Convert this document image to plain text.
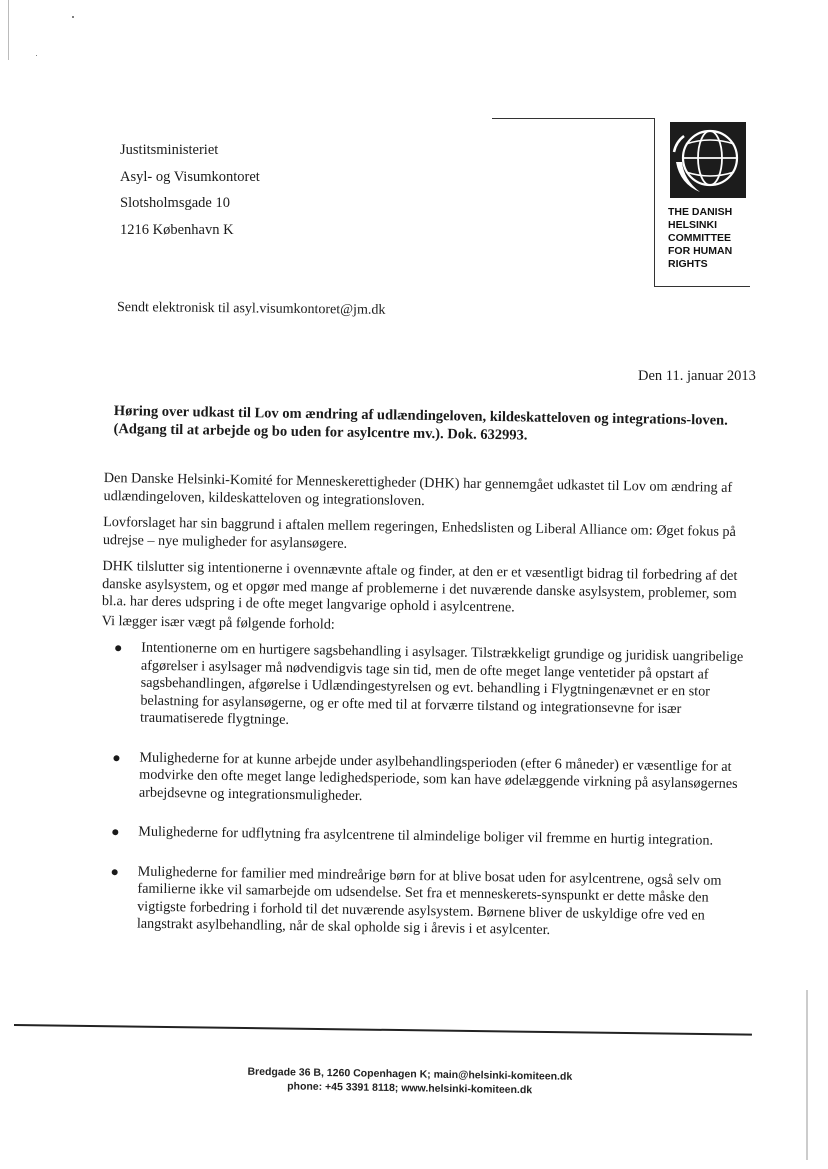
Justitsministeriet
Asyl- og Visumkontoret
Slotsholmsgade 10
1216 København K
THE DANISH
HELSINKI
COMMITTEE
FOR HUMAN
RIGHTS
Sendt elektronisk til asyl.visumkontoret@jm.dk
Den 11. januar 2013
Høring over udkast til Lov om ændring af udlændingeloven, kildeskatteloven og integrations-loven. (Adgang til at arbejde og bo uden for asylcentre mv.). Dok. 632993.

Den Danske Helsinki-Komité for Menneskerettigheder (DHK) har gennemgået udkastet til Lov om ændring af udlændingeloven, kildeskatteloven og integrationsloven.

Lovforslaget har sin baggrund i aftalen mellem regeringen, Enhedslisten og Liberal Alliance om: Øget fokus på udrejse – nye muligheder for asylansøgere.

DHK tilslutter sig intentionerne i ovennævnte aftale og finder, at den er et væsentligt bidrag til forbedring af det danske asylsystem, og et opgør med mange af problemerne i det nuværende danske asylsystem, problemer, som bl.a. har deres udspring i de ofte meget langvarige ophold i asylcentrene.

Vi lægger især vægt på følgende forhold:

Intentionerne om en hurtigere sagsbehandling i asylsager. Tilstrækkeligt grundige og juridisk uangribelige afgørelser i asylsager må nødvendigvis tage sin tid, men de ofte meget lange ventetider på opstart af sagsbehandlingen, afgørelse i Udlændingestyrelsen og evt. behandling i Flygtningenævnet er en stor belastning for asylansøgerne, og er ofte med til at forværre tilstand og integrationsevne for især traumatiserede flygtninge.
Mulighederne for at kunne arbejde under asylbehandlingsperioden (efter 6 måneder) er væsentlige for at modvirke den ofte meget lange ledighedsperiode, som kan have ødelæggende virkning på asylansøgernes arbejdsevne og integrationsmuligheder.
Mulighederne for udflytning fra asylcentrene til almindelige boliger vil fremme en hurtig integration.
Mulighederne for familier med mindreårige børn for at blive bosat uden for asylcentrene, også selv om familierne ikke vil samarbejde om udsendelse. Set fra et menneskerets-synspunkt er dette måske den vigtigste forbedring i forhold til det nuværende asylsystem. Børnene bliver de uskyldige ofre ved en langstrakt asylbehandling, når de skal opholde sig i årevis i et asylcenter.
Bredgade 36 B, 1260 Copenhagen K; main@helsinki-komiteen.dk
phone: +45 3391 8118; www.helsinki-komiteen.dk
